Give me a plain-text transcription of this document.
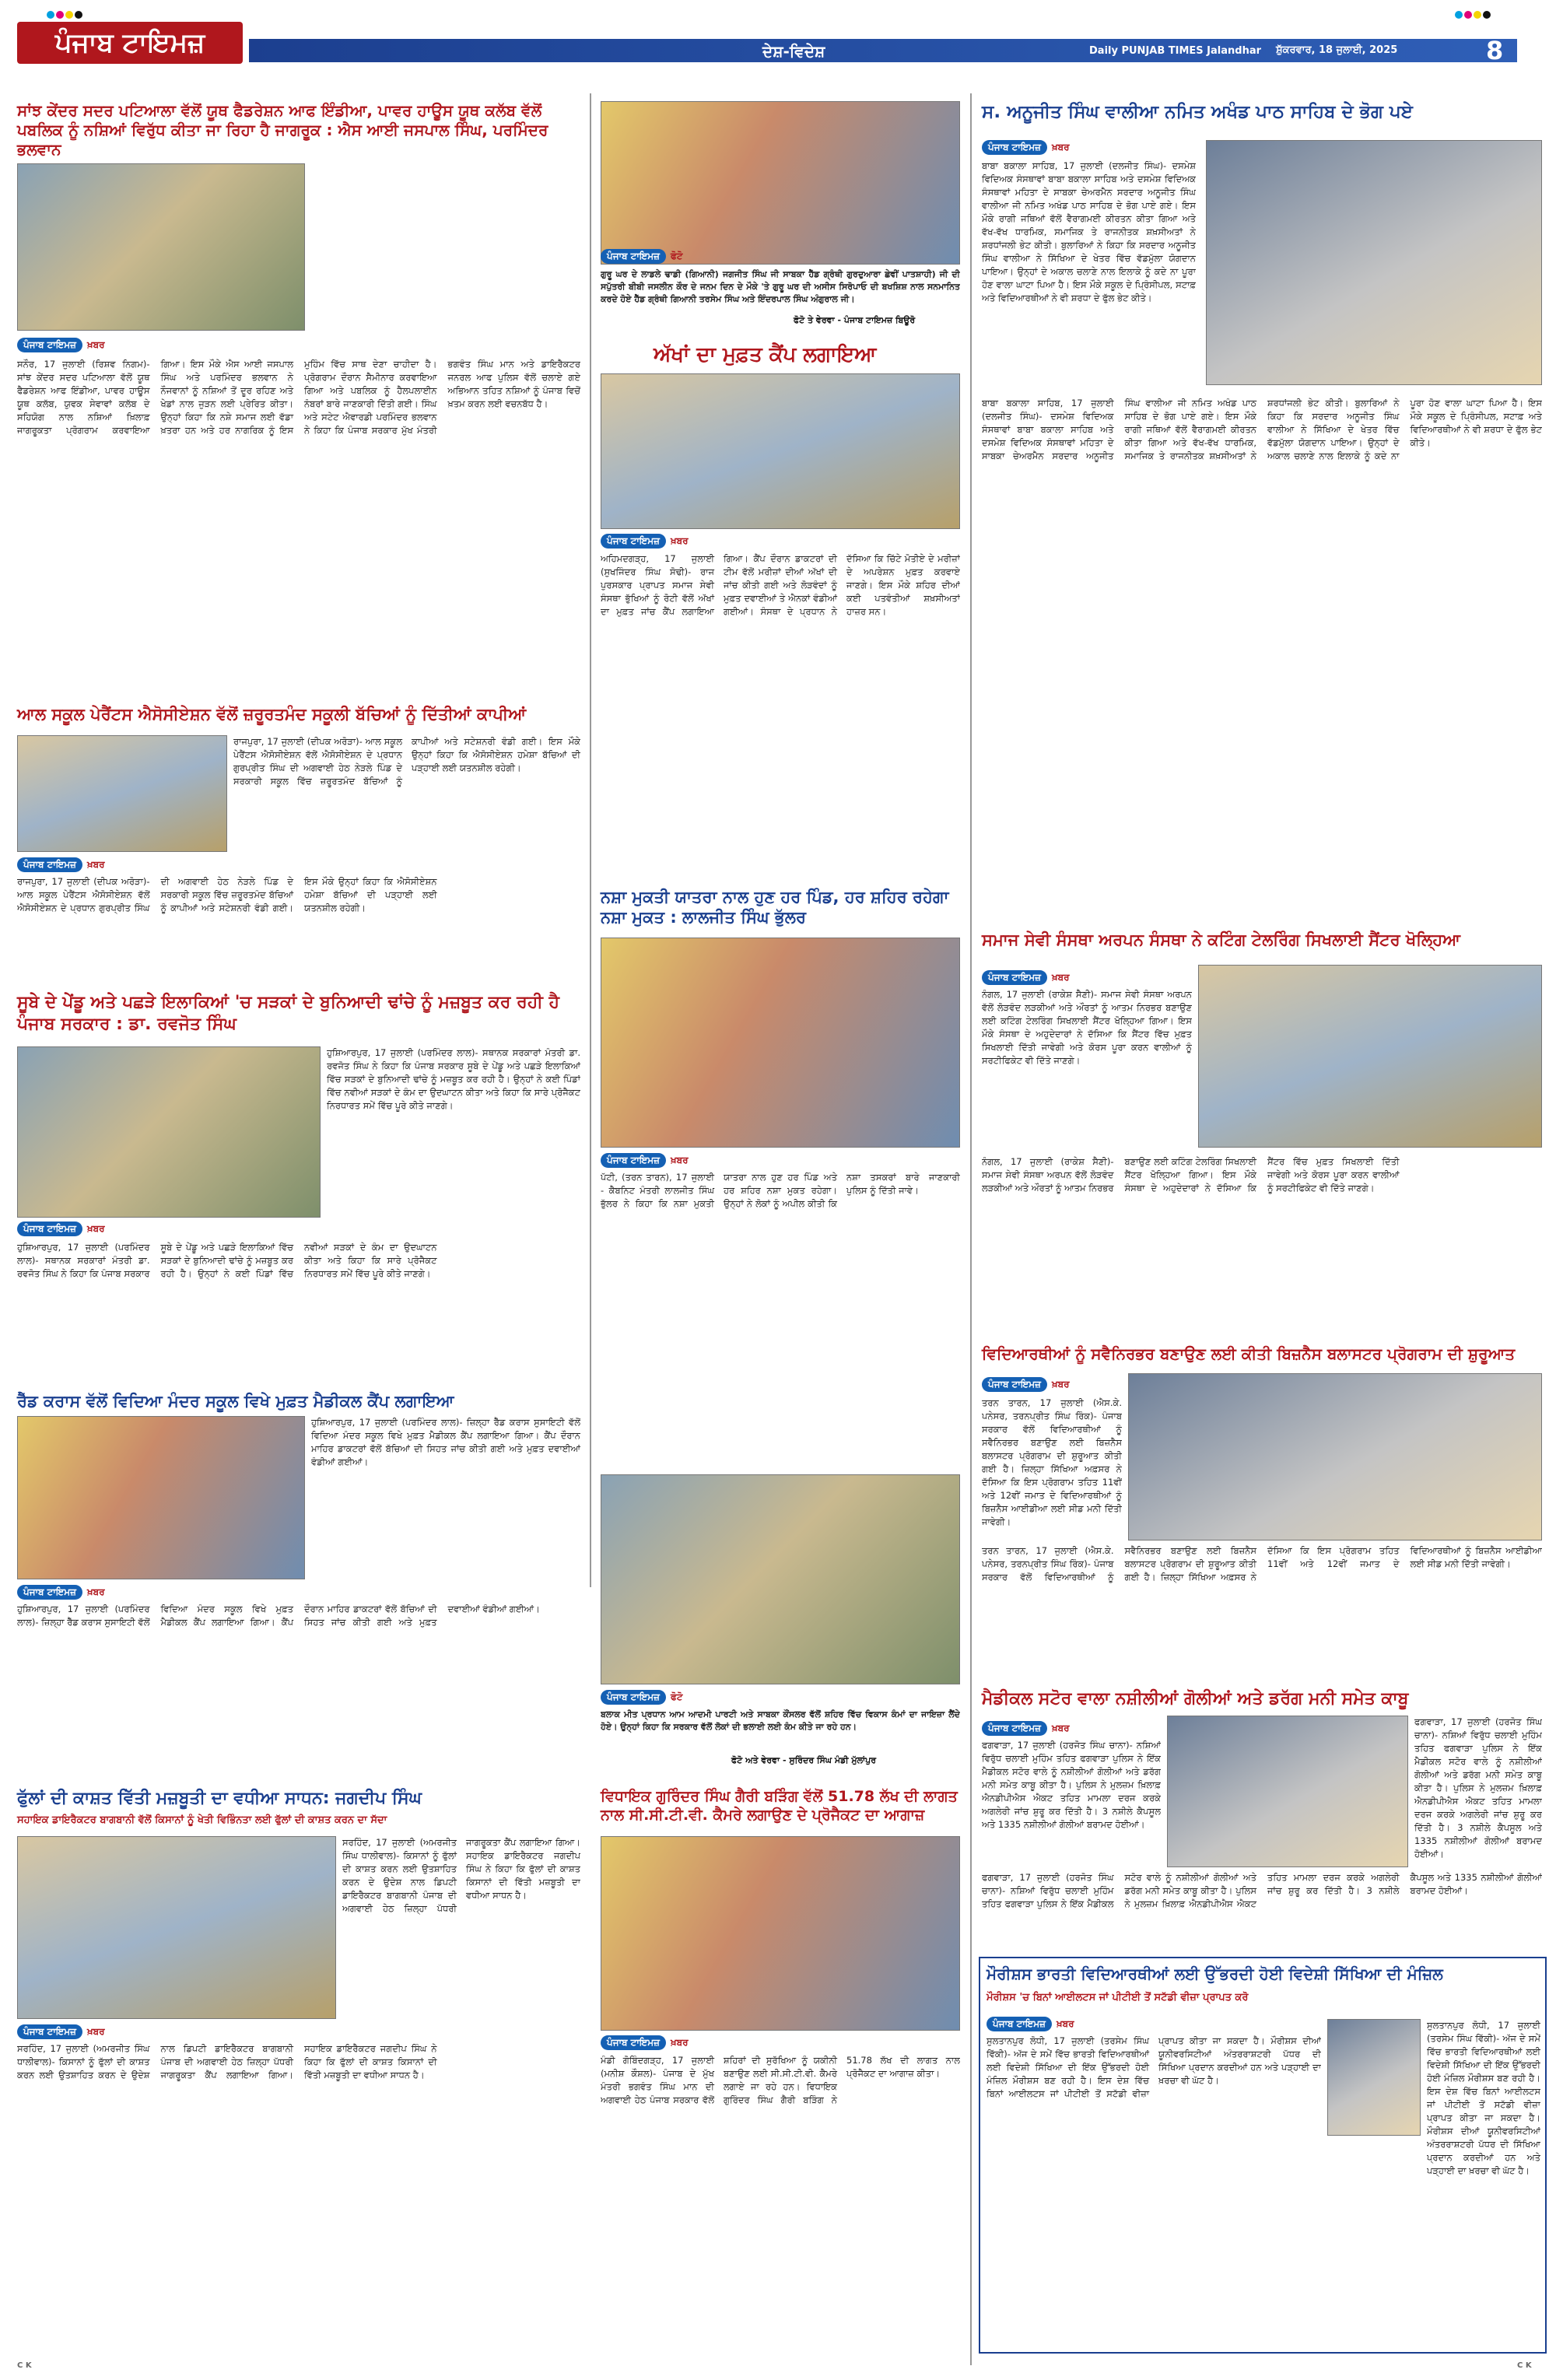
ਪੰਜਾਬ ਟਾਇਮਜ਼	ਦੇਸ਼-ਵਿਦੇਸ਼	Daily PUNJAB TIMES Jalandhar ਸ਼ੁੱਕਰਵਾਰ, 18 ਜੁਲਾਈ, 2025	8
ਸਾਂਝ ਕੇਂਦਰ ਸਦਰ ਪਟਿਆਲਾ ਵੱਲੋਂ ਯੂਥ ਫੈਡਰੇਸ਼ਨ ਆਫ ਇੰਡੀਆ, ਪਾਵਰ ਹਾਊਸ ਯੂਥ ਕਲੱਬ ਵੱਲੋਂ ਪਬਲਿਕ ਨੂੰ ਨਸ਼ਿਆਂ ਵਿਰੁੱਧ ਕੀਤਾ ਜਾ ਰਿਹਾ ਹੈ ਜਾਗਰੂਕ : ਐਸ ਆਈ ਜਸਪਾਲ ਸਿੰਘ, ਪਰਮਿੰਦਰ ਭਲਵਾਨ
ਪੰਜਾਬ ਟਾਇਮਜ਼	ਖ਼ਬਰ
ਸਨੌਰ, 17 ਜੁਲਾਈ (ਰਿਸ਼ਵ ਨਿਗਮ)- ਸਾਂਝ ਕੇਂਦਰ ਸਦਰ ਪਟਿਆਲਾ ਵੱਲੋਂ ਯੂਥ ਫੈਡਰੇਸ਼ਨ ਆਫ ਇੰਡੀਆ, ਪਾਵਰ ਹਾਊਸ ਯੂਥ ਕਲੱਬ, ਯੁਵਕ ਸੇਵਾਵਾਂ ਕਲੱਬ ਦੇ ਸਹਿਯੋਗ ਨਾਲ ਨਸ਼ਿਆਂ ਖ਼ਿਲਾਫ਼ ਜਾਗਰੂਕਤਾ ਪ੍ਰੋਗਰਾਮ ਕਰਵਾਇਆ ਗਿਆ। ਇਸ ਮੌਕੇ ਐਸ ਆਈ ਜਸਪਾਲ ਸਿੰਘ ਅਤੇ ਪਰਮਿੰਦਰ ਭਲਵਾਨ ਨੇ ਨੌਜਵਾਨਾਂ ਨੂੰ ਨਸ਼ਿਆਂ ਤੋਂ ਦੂਰ ਰਹਿਣ ਅਤੇ ਖੇਡਾਂ ਨਾਲ ਜੁੜਨ ਲਈ ਪ੍ਰੇਰਿਤ ਕੀਤਾ। ਉਨ੍ਹਾਂ ਕਿਹਾ ਕਿ ਨਸ਼ੇ ਸਮਾਜ ਲਈ ਵੱਡਾ ਖ਼ਤਰਾ ਹਨ ਅਤੇ ਹਰ ਨਾਗਰਿਕ ਨੂੰ ਇਸ ਮੁਹਿੰਮ ਵਿੱਚ ਸਾਥ ਦੇਣਾ ਚਾਹੀਦਾ ਹੈ। ਪ੍ਰੋਗਰਾਮ ਦੌਰਾਨ ਸੈਮੀਨਾਰ ਕਰਵਾਇਆ ਗਿਆ ਅਤੇ ਪਬਲਿਕ ਨੂੰ ਹੈਲਪਲਾਈਨ ਨੰਬਰਾਂ ਬਾਰੇ ਜਾਣਕਾਰੀ ਦਿੱਤੀ ਗਈ। ਸਿੰਘ ਅਤੇ ਸਟੇਟ ਐਵਾਰਡੀ ਪਰਮਿੰਦਰ ਭਲਵਾਨ ਨੇ ਕਿਹਾ ਕਿ ਪੰਜਾਬ ਸਰਕਾਰ ਮੁੱਖ ਮੰਤਰੀ ਭਗਵੰਤ ਸਿੰਘ ਮਾਨ ਅਤੇ ਡਾਇਰੈਕਟਰ ਜਨਰਲ ਆਫ ਪੁਲਿਸ ਵੱਲੋਂ ਚਲਾਏ ਗਏ ਅਭਿਆਨ ਤਹਿਤ ਨਸ਼ਿਆਂ ਨੂੰ ਪੰਜਾਬ ਵਿਚੋਂ ਖ਼ਤਮ ਕਰਨ ਲਈ ਵਚਨਬੱਧ ਹੈ।
ਪੰਜਾਬ ਟਾਇਮਜ਼	ਫੋਟੋ
ਗੁਰੂ ਘਰ ਦੇ ਲਾਡਲੇ ਢਾਡੀ (ਗਿਆਨੀ) ਜਗਜੀਤ ਸਿੰਘ ਜੀ ਸਾਬਕਾ ਹੈੱਡ ਗ੍ਰੰਥੀ ਗੁਰਦੁਆਰਾ ਛੇਵੀਂ ਪਾਤਸ਼ਾਹੀ) ਜੀ ਦੀ ਸਪੁੱਤਰੀ ਬੀਬੀ ਜਸਲੀਨ ਕੌਰ ਦੇ ਜਨਮ ਦਿਨ ਦੇ ਮੌਕੇ 'ਤੇ ਗੁਰੂ ਘਰ ਦੀ ਅਸੀਸ ਸਿਰੋਪਾਓ ਦੀ ਬਖਸ਼ਿਸ਼ ਨਾਲ ਸਨਮਾਨਿਤ ਕਰਦੇ ਹੋਏ ਹੈੱਡ ਗ੍ਰੰਥੀ ਗਿਆਨੀ ਤਰਸੇਮ ਸਿੰਘ ਅਤੇ ਇੰਦਰਪਾਲ ਸਿੰਘ ਅੰਗੁਰਾਲ ਜੀ।
ਫੋਟੋ ਤੇ ਵੇਰਵਾ - ਪੰਜਾਬ ਟਾਇਮਜ਼ ਬਿਊਰੋ
ਅੱਖਾਂ ਦਾ ਮੁਫ਼ਤ ਕੈਂਪ ਲਗਾਇਆ
ਪੰਜਾਬ ਟਾਇਮਜ਼	ਖ਼ਬਰ
ਅਹਿਮਦਗੜ੍ਹ, 17 ਜੁਲਾਈ (ਸੁਖਜਿੰਦਰ ਸਿੰਘ ਸੋਢੀ)- ਰਾਜ ਪੁਰਸਕਾਰ ਪ੍ਰਾਪਤ ਸਮਾਜ ਸੇਵੀ ਸੰਸਥਾ ਭੁੱਖਿਆਂ ਨੂੰ ਰੋਟੀ ਵੱਲੋਂ ਅੱਖਾਂ ਦਾ ਮੁਫ਼ਤ ਜਾਂਚ ਕੈਂਪ ਲਗਾਇਆ ਗਿਆ। ਕੈਂਪ ਦੌਰਾਨ ਡਾਕਟਰਾਂ ਦੀ ਟੀਮ ਵੱਲੋਂ ਮਰੀਜ਼ਾਂ ਦੀਆਂ ਅੱਖਾਂ ਦੀ ਜਾਂਚ ਕੀਤੀ ਗਈ ਅਤੇ ਲੋੜਵੰਦਾਂ ਨੂੰ ਮੁਫ਼ਤ ਦਵਾਈਆਂ ਤੇ ਐਨਕਾਂ ਵੰਡੀਆਂ ਗਈਆਂ। ਸੰਸਥਾ ਦੇ ਪ੍ਰਧਾਨ ਨੇ ਦੱਸਿਆ ਕਿ ਚਿੱਟੇ ਮੋਤੀਏ ਦੇ ਮਰੀਜ਼ਾਂ ਦੇ ਅਪਰੇਸ਼ਨ ਮੁਫ਼ਤ ਕਰਵਾਏ ਜਾਣਗੇ। ਇਸ ਮੌਕੇ ਸ਼ਹਿਰ ਦੀਆਂ ਕਈ ਪਤਵੰਤੀਆਂ ਸ਼ਖ਼ਸੀਅਤਾਂ ਹਾਜ਼ਰ ਸਨ।
ਸ. ਅਨੂਜੀਤ ਸਿੰਘ ਵਾਲੀਆ ਨਮਿਤ ਅਖੰਡ ਪਾਠ ਸਾਹਿਬ ਦੇ ਭੋਗ ਪਏ
ਪੰਜਾਬ ਟਾਇਮਜ਼	ਖ਼ਬਰ
ਬਾਬਾ ਬਕਾਲਾ ਸਾਹਿਬ, 17 ਜੁਲਾਈ (ਦਲਜੀਤ ਸਿੰਘ)- ਦਸਮੇਸ਼ ਵਿਦਿਅਕ ਸੰਸਥਾਵਾਂ ਬਾਬਾ ਬਕਾਲਾ ਸਾਹਿਬ ਅਤੇ ਦਸਮੇਸ਼ ਵਿਦਿਅਕ ਸੰਸਥਾਵਾਂ ਮਹਿਤਾ ਦੇ ਸਾਬਕਾ ਚੇਅਰਮੈਨ ਸਰਦਾਰ ਅਨੂਜੀਤ ਸਿੰਘ ਵਾਲੀਆ ਜੀ ਨਮਿਤ ਅਖੰਡ ਪਾਠ ਸਾਹਿਬ ਦੇ ਭੋਗ ਪਾਏ ਗਏ। ਇਸ ਮੌਕੇ ਰਾਗੀ ਜਥਿਆਂ ਵੱਲੋਂ ਵੈਰਾਗਮਈ ਕੀਰਤਨ ਕੀਤਾ ਗਿਆ ਅਤੇ ਵੱਖ-ਵੱਖ ਧਾਰਮਿਕ, ਸਮਾਜਿਕ ਤੇ ਰਾਜਨੀਤਕ ਸ਼ਖ਼ਸੀਅਤਾਂ ਨੇ ਸ਼ਰਧਾਂਜਲੀ ਭੇਟ ਕੀਤੀ। ਬੁਲਾਰਿਆਂ ਨੇ ਕਿਹਾ ਕਿ ਸਰਦਾਰ ਅਨੂਜੀਤ ਸਿੰਘ ਵਾਲੀਆ ਨੇ ਸਿੱਖਿਆ ਦੇ ਖੇਤਰ ਵਿੱਚ ਵੱਡਮੁੱਲਾ ਯੋਗਦਾਨ ਪਾਇਆ। ਉਨ੍ਹਾਂ ਦੇ ਅਕਾਲ ਚਲਾਣੇ ਨਾਲ ਇਲਾਕੇ ਨੂੰ ਕਦੇ ਨਾ ਪੂਰਾ ਹੋਣ ਵਾਲਾ ਘਾਟਾ ਪਿਆ ਹੈ। ਇਸ ਮੌਕੇ ਸਕੂਲ ਦੇ ਪ੍ਰਿੰਸੀਪਲ, ਸਟਾਫ਼ ਅਤੇ ਵਿਦਿਆਰਥੀਆਂ ਨੇ ਵੀ ਸ਼ਰਧਾ ਦੇ ਫੁੱਲ ਭੇਟ ਕੀਤੇ।
ਬਾਬਾ ਬਕਾਲਾ ਸਾਹਿਬ, 17 ਜੁਲਾਈ (ਦਲਜੀਤ ਸਿੰਘ)- ਦਸਮੇਸ਼ ਵਿਦਿਅਕ ਸੰਸਥਾਵਾਂ ਬਾਬਾ ਬਕਾਲਾ ਸਾਹਿਬ ਅਤੇ ਦਸਮੇਸ਼ ਵਿਦਿਅਕ ਸੰਸਥਾਵਾਂ ਮਹਿਤਾ ਦੇ ਸਾਬਕਾ ਚੇਅਰਮੈਨ ਸਰਦਾਰ ਅਨੂਜੀਤ ਸਿੰਘ ਵਾਲੀਆ ਜੀ ਨਮਿਤ ਅਖੰਡ ਪਾਠ ਸਾਹਿਬ ਦੇ ਭੋਗ ਪਾਏ ਗਏ। ਇਸ ਮੌਕੇ ਰਾਗੀ ਜਥਿਆਂ ਵੱਲੋਂ ਵੈਰਾਗਮਈ ਕੀਰਤਨ ਕੀਤਾ ਗਿਆ ਅਤੇ ਵੱਖ-ਵੱਖ ਧਾਰਮਿਕ, ਸਮਾਜਿਕ ਤੇ ਰਾਜਨੀਤਕ ਸ਼ਖ਼ਸੀਅਤਾਂ ਨੇ ਸ਼ਰਧਾਂਜਲੀ ਭੇਟ ਕੀਤੀ। ਬੁਲਾਰਿਆਂ ਨੇ ਕਿਹਾ ਕਿ ਸਰਦਾਰ ਅਨੂਜੀਤ ਸਿੰਘ ਵਾਲੀਆ ਨੇ ਸਿੱਖਿਆ ਦੇ ਖੇਤਰ ਵਿੱਚ ਵੱਡਮੁੱਲਾ ਯੋਗਦਾਨ ਪਾਇਆ। ਉਨ੍ਹਾਂ ਦੇ ਅਕਾਲ ਚਲਾਣੇ ਨਾਲ ਇਲਾਕੇ ਨੂੰ ਕਦੇ ਨਾ ਪੂਰਾ ਹੋਣ ਵਾਲਾ ਘਾਟਾ ਪਿਆ ਹੈ। ਇਸ ਮੌਕੇ ਸਕੂਲ ਦੇ ਪ੍ਰਿੰਸੀਪਲ, ਸਟਾਫ਼ ਅਤੇ ਵਿਦਿਆਰਥੀਆਂ ਨੇ ਵੀ ਸ਼ਰਧਾ ਦੇ ਫੁੱਲ ਭੇਟ ਕੀਤੇ।
ਆਲ ਸਕੂਲ ਪੇਰੈਂਟਸ ਐਸੋਸੀਏਸ਼ਨ ਵੱਲੋਂ ਜ਼ਰੂਰਤਮੰਦ ਸਕੂਲੀ ਬੱਚਿਆਂ ਨੂੰ ਦਿੱਤੀਆਂ ਕਾਪੀਆਂ
ਪੰਜਾਬ ਟਾਇਮਜ਼	ਖ਼ਬਰ
ਰਾਜਪੁਰਾ, 17 ਜੁਲਾਈ (ਦੀਪਕ ਅਰੋੜਾ)- ਆਲ ਸਕੂਲ ਪੇਰੈਂਟਸ ਐਸੋਸੀਏਸ਼ਨ ਵੱਲੋਂ ਐਸੋਸੀਏਸ਼ਨ ਦੇ ਪ੍ਰਧਾਨ ਗੁਰਪ੍ਰੀਤ ਸਿੰਘ ਦੀ ਅਗਵਾਈ ਹੇਠ ਨੇੜਲੇ ਪਿੰਡ ਦੇ ਸਰਕਾਰੀ ਸਕੂਲ ਵਿੱਚ ਜ਼ਰੂਰਤਮੰਦ ਬੱਚਿਆਂ ਨੂੰ ਕਾਪੀਆਂ ਅਤੇ ਸਟੇਸ਼ਨਰੀ ਵੰਡੀ ਗਈ। ਇਸ ਮੌਕੇ ਉਨ੍ਹਾਂ ਕਿਹਾ ਕਿ ਐਸੋਸੀਏਸ਼ਨ ਹਮੇਸ਼ਾ ਬੱਚਿਆਂ ਦੀ ਪੜ੍ਹਾਈ ਲਈ ਯਤਨਸ਼ੀਲ ਰਹੇਗੀ।
ਰਾਜਪੁਰਾ, 17 ਜੁਲਾਈ (ਦੀਪਕ ਅਰੋੜਾ)- ਆਲ ਸਕੂਲ ਪੇਰੈਂਟਸ ਐਸੋਸੀਏਸ਼ਨ ਵੱਲੋਂ ਐਸੋਸੀਏਸ਼ਨ ਦੇ ਪ੍ਰਧਾਨ ਗੁਰਪ੍ਰੀਤ ਸਿੰਘ ਦੀ ਅਗਵਾਈ ਹੇਠ ਨੇੜਲੇ ਪਿੰਡ ਦੇ ਸਰਕਾਰੀ ਸਕੂਲ ਵਿੱਚ ਜ਼ਰੂਰਤਮੰਦ ਬੱਚਿਆਂ ਨੂੰ ਕਾਪੀਆਂ ਅਤੇ ਸਟੇਸ਼ਨਰੀ ਵੰਡੀ ਗਈ। ਇਸ ਮੌਕੇ ਉਨ੍ਹਾਂ ਕਿਹਾ ਕਿ ਐਸੋਸੀਏਸ਼ਨ ਹਮੇਸ਼ਾ ਬੱਚਿਆਂ ਦੀ ਪੜ੍ਹਾਈ ਲਈ ਯਤਨਸ਼ੀਲ ਰਹੇਗੀ।
ਸੂਬੇ ਦੇ ਪੇਂਡੂ ਅਤੇ ਪਛੜੇ ਇਲਾਕਿਆਂ 'ਚ ਸੜਕਾਂ ਦੇ ਬੁਨਿਆਦੀ ਢਾਂਚੇ ਨੂੰ ਮਜ਼ਬੂਤ ਕਰ ਰਹੀ ਹੈ ਪੰਜਾਬ ਸਰਕਾਰ : ਡਾ. ਰਵਜੋਤ ਸਿੰਘ
ਪੰਜਾਬ ਟਾਇਮਜ਼	ਖ਼ਬਰ
ਹੁਸ਼ਿਆਰਪੁਰ, 17 ਜੁਲਾਈ (ਪਰਮਿੰਦਰ ਲਾਲ)- ਸਥਾਨਕ ਸਰਕਾਰਾਂ ਮੰਤਰੀ ਡਾ. ਰਵਜੋਤ ਸਿੰਘ ਨੇ ਕਿਹਾ ਕਿ ਪੰਜਾਬ ਸਰਕਾਰ ਸੂਬੇ ਦੇ ਪੇਂਡੂ ਅਤੇ ਪਛੜੇ ਇਲਾਕਿਆਂ ਵਿੱਚ ਸੜਕਾਂ ਦੇ ਬੁਨਿਆਦੀ ਢਾਂਚੇ ਨੂੰ ਮਜ਼ਬੂਤ ਕਰ ਰਹੀ ਹੈ। ਉਨ੍ਹਾਂ ਨੇ ਕਈ ਪਿੰਡਾਂ ਵਿੱਚ ਨਵੀਆਂ ਸੜਕਾਂ ਦੇ ਕੰਮ ਦਾ ਉਦਘਾਟਨ ਕੀਤਾ ਅਤੇ ਕਿਹਾ ਕਿ ਸਾਰੇ ਪ੍ਰੋਜੈਕਟ ਨਿਰਧਾਰਤ ਸਮੇਂ ਵਿੱਚ ਪੂਰੇ ਕੀਤੇ ਜਾਣਗੇ।
ਹੁਸ਼ਿਆਰਪੁਰ, 17 ਜੁਲਾਈ (ਪਰਮਿੰਦਰ ਲਾਲ)- ਸਥਾਨਕ ਸਰਕਾਰਾਂ ਮੰਤਰੀ ਡਾ. ਰਵਜੋਤ ਸਿੰਘ ਨੇ ਕਿਹਾ ਕਿ ਪੰਜਾਬ ਸਰਕਾਰ ਸੂਬੇ ਦੇ ਪੇਂਡੂ ਅਤੇ ਪਛੜੇ ਇਲਾਕਿਆਂ ਵਿੱਚ ਸੜਕਾਂ ਦੇ ਬੁਨਿਆਦੀ ਢਾਂਚੇ ਨੂੰ ਮਜ਼ਬੂਤ ਕਰ ਰਹੀ ਹੈ। ਉਨ੍ਹਾਂ ਨੇ ਕਈ ਪਿੰਡਾਂ ਵਿੱਚ ਨਵੀਆਂ ਸੜਕਾਂ ਦੇ ਕੰਮ ਦਾ ਉਦਘਾਟਨ ਕੀਤਾ ਅਤੇ ਕਿਹਾ ਕਿ ਸਾਰੇ ਪ੍ਰੋਜੈਕਟ ਨਿਰਧਾਰਤ ਸਮੇਂ ਵਿੱਚ ਪੂਰੇ ਕੀਤੇ ਜਾਣਗੇ।
ਨਸ਼ਾ ਮੁਕਤੀ ਯਾਤਰਾ ਨਾਲ ਹੁਣ ਹਰ ਪਿੰਡ, ਹਰ ਸ਼ਹਿਰ ਰਹੇਗਾ ਨਸ਼ਾ ਮੁਕਤ : ਲਾਲਜੀਤ ਸਿੰਘ ਭੁੱਲਰ
ਪੰਜਾਬ ਟਾਇਮਜ਼	ਖ਼ਬਰ
ਪੱਟੀ, (ਤਰਨ ਤਾਰਨ), 17 ਜੁਲਾਈ - ਕੈਬਨਿਟ ਮੰਤਰੀ ਲਾਲਜੀਤ ਸਿੰਘ ਭੁੱਲਰ ਨੇ ਕਿਹਾ ਕਿ ਨਸ਼ਾ ਮੁਕਤੀ ਯਾਤਰਾ ਨਾਲ ਹੁਣ ਹਰ ਪਿੰਡ ਅਤੇ ਹਰ ਸ਼ਹਿਰ ਨਸ਼ਾ ਮੁਕਤ ਰਹੇਗਾ। ਉਨ੍ਹਾਂ ਨੇ ਲੋਕਾਂ ਨੂੰ ਅਪੀਲ ਕੀਤੀ ਕਿ ਨਸ਼ਾ ਤਸਕਰਾਂ ਬਾਰੇ ਜਾਣਕਾਰੀ ਪੁਲਿਸ ਨੂੰ ਦਿੱਤੀ ਜਾਵੇ।
ਸਮਾਜ ਸੇਵੀ ਸੰਸਥਾ ਅਰਪਨ ਸੰਸਥਾ ਨੇ ਕਟਿੰਗ ਟੇਲਰਿੰਗ ਸਿਖਲਾਈ ਸੈਂਟਰ ਖੋਲ੍ਹਿਆ
ਪੰਜਾਬ ਟਾਇਮਜ਼	ਖ਼ਬਰ
ਨੰਗਲ, 17 ਜੁਲਾਈ (ਰਾਕੇਸ਼ ਸੈਣੀ)- ਸਮਾਜ ਸੇਵੀ ਸੰਸਥਾ ਅਰਪਨ ਵੱਲੋਂ ਲੋੜਵੰਦ ਲੜਕੀਆਂ ਅਤੇ ਔਰਤਾਂ ਨੂੰ ਆਤਮ ਨਿਰਭਰ ਬਣਾਉਣ ਲਈ ਕਟਿੰਗ ਟੇਲਰਿੰਗ ਸਿਖਲਾਈ ਸੈਂਟਰ ਖੋਲ੍ਹਿਆ ਗਿਆ। ਇਸ ਮੌਕੇ ਸੰਸਥਾ ਦੇ ਅਹੁਦੇਦਾਰਾਂ ਨੇ ਦੱਸਿਆ ਕਿ ਸੈਂਟਰ ਵਿੱਚ ਮੁਫ਼ਤ ਸਿਖਲਾਈ ਦਿੱਤੀ ਜਾਵੇਗੀ ਅਤੇ ਕੋਰਸ ਪੂਰਾ ਕਰਨ ਵਾਲੀਆਂ ਨੂੰ ਸਰਟੀਫਿਕੇਟ ਵੀ ਦਿੱਤੇ ਜਾਣਗੇ।
ਨੰਗਲ, 17 ਜੁਲਾਈ (ਰਾਕੇਸ਼ ਸੈਣੀ)- ਸਮਾਜ ਸੇਵੀ ਸੰਸਥਾ ਅਰਪਨ ਵੱਲੋਂ ਲੋੜਵੰਦ ਲੜਕੀਆਂ ਅਤੇ ਔਰਤਾਂ ਨੂੰ ਆਤਮ ਨਿਰਭਰ ਬਣਾਉਣ ਲਈ ਕਟਿੰਗ ਟੇਲਰਿੰਗ ਸਿਖਲਾਈ ਸੈਂਟਰ ਖੋਲ੍ਹਿਆ ਗਿਆ। ਇਸ ਮੌਕੇ ਸੰਸਥਾ ਦੇ ਅਹੁਦੇਦਾਰਾਂ ਨੇ ਦੱਸਿਆ ਕਿ ਸੈਂਟਰ ਵਿੱਚ ਮੁਫ਼ਤ ਸਿਖਲਾਈ ਦਿੱਤੀ ਜਾਵੇਗੀ ਅਤੇ ਕੋਰਸ ਪੂਰਾ ਕਰਨ ਵਾਲੀਆਂ ਨੂੰ ਸਰਟੀਫਿਕੇਟ ਵੀ ਦਿੱਤੇ ਜਾਣਗੇ।
ਵਿਦਿਆਰਥੀਆਂ ਨੂੰ ਸਵੈਨਿਰਭਰ ਬਣਾਉਣ ਲਈ ਕੀਤੀ ਬਿਜ਼ਨੈਸ ਬਲਾਸਟਰ ਪ੍ਰੋਗਰਾਮ ਦੀ ਸ਼ੁਰੂਆਤ
ਪੰਜਾਬ ਟਾਇਮਜ਼	ਖ਼ਬਰ
ਤਰਨ ਤਾਰਨ, 17 ਜੁਲਾਈ (ਐਸ.ਕੇ. ਪਨੇਸਰ, ਤਰਨਪ੍ਰੀਤ ਸਿੰਘ ਰਿੰਕ)- ਪੰਜਾਬ ਸਰਕਾਰ ਵੱਲੋਂ ਵਿਦਿਆਰਥੀਆਂ ਨੂੰ ਸਵੈਨਿਰਭਰ ਬਣਾਉਣ ਲਈ ਬਿਜ਼ਨੈਸ ਬਲਾਸਟਰ ਪ੍ਰੋਗਰਾਮ ਦੀ ਸ਼ੁਰੂਆਤ ਕੀਤੀ ਗਈ ਹੈ। ਜ਼ਿਲ੍ਹਾ ਸਿੱਖਿਆ ਅਫ਼ਸਰ ਨੇ ਦੱਸਿਆ ਕਿ ਇਸ ਪ੍ਰੋਗਰਾਮ ਤਹਿਤ 11ਵੀਂ ਅਤੇ 12ਵੀਂ ਜਮਾਤ ਦੇ ਵਿਦਿਆਰਥੀਆਂ ਨੂੰ ਬਿਜ਼ਨੈਸ ਆਈਡੀਆ ਲਈ ਸੀਡ ਮਨੀ ਦਿੱਤੀ ਜਾਵੇਗੀ।
ਤਰਨ ਤਾਰਨ, 17 ਜੁਲਾਈ (ਐਸ.ਕੇ. ਪਨੇਸਰ, ਤਰਨਪ੍ਰੀਤ ਸਿੰਘ ਰਿੰਕ)- ਪੰਜਾਬ ਸਰਕਾਰ ਵੱਲੋਂ ਵਿਦਿਆਰਥੀਆਂ ਨੂੰ ਸਵੈਨਿਰਭਰ ਬਣਾਉਣ ਲਈ ਬਿਜ਼ਨੈਸ ਬਲਾਸਟਰ ਪ੍ਰੋਗਰਾਮ ਦੀ ਸ਼ੁਰੂਆਤ ਕੀਤੀ ਗਈ ਹੈ। ਜ਼ਿਲ੍ਹਾ ਸਿੱਖਿਆ ਅਫ਼ਸਰ ਨੇ ਦੱਸਿਆ ਕਿ ਇਸ ਪ੍ਰੋਗਰਾਮ ਤਹਿਤ 11ਵੀਂ ਅਤੇ 12ਵੀਂ ਜਮਾਤ ਦੇ ਵਿਦਿਆਰਥੀਆਂ ਨੂੰ ਬਿਜ਼ਨੈਸ ਆਈਡੀਆ ਲਈ ਸੀਡ ਮਨੀ ਦਿੱਤੀ ਜਾਵੇਗੀ।
ਰੈੱਡ ਕਰਾਸ ਵੱਲੋਂ ਵਿਦਿਆ ਮੰਦਰ ਸਕੂਲ ਵਿਖੇ ਮੁਫ਼ਤ ਮੈਡੀਕਲ ਕੈਂਪ ਲਗਾਇਆ
ਪੰਜਾਬ ਟਾਇਮਜ਼	ਖ਼ਬਰ
ਹੁਸ਼ਿਆਰਪੁਰ, 17 ਜੁਲਾਈ (ਪਰਮਿੰਦਰ ਲਾਲ)- ਜ਼ਿਲ੍ਹਾ ਰੈੱਡ ਕਰਾਸ ਸੁਸਾਇਟੀ ਵੱਲੋਂ ਵਿਦਿਆ ਮੰਦਰ ਸਕੂਲ ਵਿਖੇ ਮੁਫ਼ਤ ਮੈਡੀਕਲ ਕੈਂਪ ਲਗਾਇਆ ਗਿਆ। ਕੈਂਪ ਦੌਰਾਨ ਮਾਹਿਰ ਡਾਕਟਰਾਂ ਵੱਲੋਂ ਬੱਚਿਆਂ ਦੀ ਸਿਹਤ ਜਾਂਚ ਕੀਤੀ ਗਈ ਅਤੇ ਮੁਫ਼ਤ ਦਵਾਈਆਂ ਵੰਡੀਆਂ ਗਈਆਂ।
ਹੁਸ਼ਿਆਰਪੁਰ, 17 ਜੁਲਾਈ (ਪਰਮਿੰਦਰ ਲਾਲ)- ਜ਼ਿਲ੍ਹਾ ਰੈੱਡ ਕਰਾਸ ਸੁਸਾਇਟੀ ਵੱਲੋਂ ਵਿਦਿਆ ਮੰਦਰ ਸਕੂਲ ਵਿਖੇ ਮੁਫ਼ਤ ਮੈਡੀਕਲ ਕੈਂਪ ਲਗਾਇਆ ਗਿਆ। ਕੈਂਪ ਦੌਰਾਨ ਮਾਹਿਰ ਡਾਕਟਰਾਂ ਵੱਲੋਂ ਬੱਚਿਆਂ ਦੀ ਸਿਹਤ ਜਾਂਚ ਕੀਤੀ ਗਈ ਅਤੇ ਮੁਫ਼ਤ ਦਵਾਈਆਂ ਵੰਡੀਆਂ ਗਈਆਂ।
ਪੰਜਾਬ ਟਾਇਮਜ਼	ਫੋਟੋ
ਬਲਾਕ ਮੀਤ ਪ੍ਰਧਾਨ ਆਮ ਆਦਮੀ ਪਾਰਟੀ ਅਤੇ ਸਾਬਕਾ ਕੌਂਸਲਰ ਵੱਲੋਂ ਸ਼ਹਿਰ ਵਿੱਚ ਵਿਕਾਸ ਕੰਮਾਂ ਦਾ ਜਾਇਜ਼ਾ ਲੈਂਦੇ ਹੋਏ। ਉਨ੍ਹਾਂ ਕਿਹਾ ਕਿ ਸਰਕਾਰ ਵੱਲੋਂ ਲੋਕਾਂ ਦੀ ਭਲਾਈ ਲਈ ਕੰਮ ਕੀਤੇ ਜਾ ਰਹੇ ਹਨ।
ਫੋਟੋ ਅਤੇ ਵੇਰਵਾ - ਸੁਰਿੰਦਰ ਸਿੰਘ ਮੰਡੀ ਮੁੱਲਾਂਪੁਰ
ਮੈਡੀਕਲ ਸਟੋਰ ਵਾਲਾ ਨਸ਼ੀਲੀਆਂ ਗੋਲੀਆਂ ਅਤੇ ਡਰੱਗ ਮਨੀ ਸਮੇਤ ਕਾਬੂ
ਪੰਜਾਬ ਟਾਇਮਜ਼	ਖ਼ਬਰ
ਫਗਵਾੜਾ, 17 ਜੁਲਾਈ (ਹਰਜੋਤ ਸਿੰਘ ਚਾਨਾ)- ਨਸ਼ਿਆਂ ਵਿਰੁੱਧ ਚਲਾਈ ਮੁਹਿੰਮ ਤਹਿਤ ਫਗਵਾੜਾ ਪੁਲਿਸ ਨੇ ਇੱਕ ਮੈਡੀਕਲ ਸਟੋਰ ਵਾਲੇ ਨੂੰ ਨਸ਼ੀਲੀਆਂ ਗੋਲੀਆਂ ਅਤੇ ਡਰੱਗ ਮਨੀ ਸਮੇਤ ਕਾਬੂ ਕੀਤਾ ਹੈ। ਪੁਲਿਸ ਨੇ ਮੁਲਜ਼ਮ ਖ਼ਿਲਾਫ਼ ਐਨਡੀਪੀਐਸ ਐਕਟ ਤਹਿਤ ਮਾਮਲਾ ਦਰਜ ਕਰਕੇ ਅਗਲੇਰੀ ਜਾਂਚ ਸ਼ੁਰੂ ਕਰ ਦਿੱਤੀ ਹੈ। 3 ਨਸ਼ੀਲੇ ਕੈਪਸੂਲ ਅਤੇ 1335 ਨਸ਼ੀਲੀਆਂ ਗੋਲੀਆਂ ਬਰਾਮਦ ਹੋਈਆਂ।
ਫਗਵਾੜਾ, 17 ਜੁਲਾਈ (ਹਰਜੋਤ ਸਿੰਘ ਚਾਨਾ)- ਨਸ਼ਿਆਂ ਵਿਰੁੱਧ ਚਲਾਈ ਮੁਹਿੰਮ ਤਹਿਤ ਫਗਵਾੜਾ ਪੁਲਿਸ ਨੇ ਇੱਕ ਮੈਡੀਕਲ ਸਟੋਰ ਵਾਲੇ ਨੂੰ ਨਸ਼ੀਲੀਆਂ ਗੋਲੀਆਂ ਅਤੇ ਡਰੱਗ ਮਨੀ ਸਮੇਤ ਕਾਬੂ ਕੀਤਾ ਹੈ। ਪੁਲਿਸ ਨੇ ਮੁਲਜ਼ਮ ਖ਼ਿਲਾਫ਼ ਐਨਡੀਪੀਐਸ ਐਕਟ ਤਹਿਤ ਮਾਮਲਾ ਦਰਜ ਕਰਕੇ ਅਗਲੇਰੀ ਜਾਂਚ ਸ਼ੁਰੂ ਕਰ ਦਿੱਤੀ ਹੈ। 3 ਨਸ਼ੀਲੇ ਕੈਪਸੂਲ ਅਤੇ 1335 ਨਸ਼ੀਲੀਆਂ ਗੋਲੀਆਂ ਬਰਾਮਦ ਹੋਈਆਂ।
ਫਗਵਾੜਾ, 17 ਜੁਲਾਈ (ਹਰਜੋਤ ਸਿੰਘ ਚਾਨਾ)- ਨਸ਼ਿਆਂ ਵਿਰੁੱਧ ਚਲਾਈ ਮੁਹਿੰਮ ਤਹਿਤ ਫਗਵਾੜਾ ਪੁਲਿਸ ਨੇ ਇੱਕ ਮੈਡੀਕਲ ਸਟੋਰ ਵਾਲੇ ਨੂੰ ਨਸ਼ੀਲੀਆਂ ਗੋਲੀਆਂ ਅਤੇ ਡਰੱਗ ਮਨੀ ਸਮੇਤ ਕਾਬੂ ਕੀਤਾ ਹੈ। ਪੁਲਿਸ ਨੇ ਮੁਲਜ਼ਮ ਖ਼ਿਲਾਫ਼ ਐਨਡੀਪੀਐਸ ਐਕਟ ਤਹਿਤ ਮਾਮਲਾ ਦਰਜ ਕਰਕੇ ਅਗਲੇਰੀ ਜਾਂਚ ਸ਼ੁਰੂ ਕਰ ਦਿੱਤੀ ਹੈ। 3 ਨਸ਼ੀਲੇ ਕੈਪਸੂਲ ਅਤੇ 1335 ਨਸ਼ੀਲੀਆਂ ਗੋਲੀਆਂ ਬਰਾਮਦ ਹੋਈਆਂ।
ਫੁੱਲਾਂ ਦੀ ਕਾਸ਼ਤ ਵਿੱਤੀ ਮਜ਼ਬੂਤੀ ਦਾ ਵਧੀਆ ਸਾਧਨ: ਜਗਦੀਪ ਸਿੰਘ
ਸਹਾਇਕ ਡਾਇਰੈਕਟਰ ਬਾਗਬਾਨੀ ਵੱਲੋਂ ਕਿਸਾਨਾਂ ਨੂੰ ਖੇਤੀ ਵਿਭਿੰਨਤਾ ਲਈ ਫੁੱਲਾਂ ਦੀ ਕਾਸ਼ਤ ਕਰਨ ਦਾ ਸੱਦਾ
ਪੰਜਾਬ ਟਾਇਮਜ਼	ਖ਼ਬਰ
ਸਰਹਿੰਦ, 17 ਜੁਲਾਈ (ਅਮਰਜੀਤ ਸਿੰਘ ਧਾਲੀਵਾਲ)- ਕਿਸਾਨਾਂ ਨੂੰ ਫੁੱਲਾਂ ਦੀ ਕਾਸ਼ਤ ਕਰਨ ਲਈ ਉਤਸ਼ਾਹਿਤ ਕਰਨ ਦੇ ਉਦੇਸ਼ ਨਾਲ ਡਿਪਟੀ ਡਾਇਰੈਕਟਰ ਬਾਗਬਾਨੀ ਪੰਜਾਬ ਦੀ ਅਗਵਾਈ ਹੇਠ ਜ਼ਿਲ੍ਹਾ ਪੱਧਰੀ ਜਾਗਰੂਕਤਾ ਕੈਂਪ ਲਗਾਇਆ ਗਿਆ। ਸਹਾਇਕ ਡਾਇਰੈਕਟਰ ਜਗਦੀਪ ਸਿੰਘ ਨੇ ਕਿਹਾ ਕਿ ਫੁੱਲਾਂ ਦੀ ਕਾਸ਼ਤ ਕਿਸਾਨਾਂ ਦੀ ਵਿੱਤੀ ਮਜ਼ਬੂਤੀ ਦਾ ਵਧੀਆ ਸਾਧਨ ਹੈ।
ਸਰਹਿੰਦ, 17 ਜੁਲਾਈ (ਅਮਰਜੀਤ ਸਿੰਘ ਧਾਲੀਵਾਲ)- ਕਿਸਾਨਾਂ ਨੂੰ ਫੁੱਲਾਂ ਦੀ ਕਾਸ਼ਤ ਕਰਨ ਲਈ ਉਤਸ਼ਾਹਿਤ ਕਰਨ ਦੇ ਉਦੇਸ਼ ਨਾਲ ਡਿਪਟੀ ਡਾਇਰੈਕਟਰ ਬਾਗਬਾਨੀ ਪੰਜਾਬ ਦੀ ਅਗਵਾਈ ਹੇਠ ਜ਼ਿਲ੍ਹਾ ਪੱਧਰੀ ਜਾਗਰੂਕਤਾ ਕੈਂਪ ਲਗਾਇਆ ਗਿਆ। ਸਹਾਇਕ ਡਾਇਰੈਕਟਰ ਜਗਦੀਪ ਸਿੰਘ ਨੇ ਕਿਹਾ ਕਿ ਫੁੱਲਾਂ ਦੀ ਕਾਸ਼ਤ ਕਿਸਾਨਾਂ ਦੀ ਵਿੱਤੀ ਮਜ਼ਬੂਤੀ ਦਾ ਵਧੀਆ ਸਾਧਨ ਹੈ।
ਵਿਧਾਇਕ ਗੁਰਿੰਦਰ ਸਿੰਘ ਗੈਰੀ ਬੜਿੰਗ ਵੱਲੋਂ 51.78 ਲੱਖ ਦੀ ਲਾਗਤ ਨਾਲ ਸੀ.ਸੀ.ਟੀ.ਵੀ. ਕੈਮਰੇ ਲਗਾਉਣ ਦੇ ਪ੍ਰੋਜੈਕਟ ਦਾ ਆਗਾਜ਼
ਪੰਜਾਬ ਟਾਇਮਜ਼	ਖ਼ਬਰ
ਮੰਡੀ ਗੋਬਿੰਦਗੜ੍ਹ, 17 ਜੁਲਾਈ (ਮਨੀਸ਼ ਕੌਸ਼ਲ)- ਪੰਜਾਬ ਦੇ ਮੁੱਖ ਮੰਤਰੀ ਭਗਵੰਤ ਸਿੰਘ ਮਾਨ ਦੀ ਅਗਵਾਈ ਹੇਠ ਪੰਜਾਬ ਸਰਕਾਰ ਵੱਲੋਂ ਸ਼ਹਿਰਾਂ ਦੀ ਸੁਰੱਖਿਆ ਨੂੰ ਯਕੀਨੀ ਬਣਾਉਣ ਲਈ ਸੀ.ਸੀ.ਟੀ.ਵੀ. ਕੈਮਰੇ ਲਗਾਏ ਜਾ ਰਹੇ ਹਨ। ਵਿਧਾਇਕ ਗੁਰਿੰਦਰ ਸਿੰਘ ਗੈਰੀ ਬੜਿੰਗ ਨੇ 51.78 ਲੱਖ ਦੀ ਲਾਗਤ ਨਾਲ ਪ੍ਰੋਜੈਕਟ ਦਾ ਆਗਾਜ਼ ਕੀਤਾ।
ਮੌਰੀਸ਼ਸ ਭਾਰਤੀ ਵਿਦਿਆਰਥੀਆਂ ਲਈ ਉੱਭਰਦੀ ਹੋਈ ਵਿਦੇਸ਼ੀ ਸਿੱਖਿਆ ਦੀ ਮੰਜ਼ਿਲ
ਮੌਰੀਸ਼ਸ 'ਚ ਬਿਨਾਂ ਆਈਲਟਸ ਜਾਂ ਪੀਟੀਈ ਤੋਂ ਸਟੱਡੀ ਵੀਜ਼ਾ ਪ੍ਰਾਪਤ ਕਰੋ
ਪੰਜਾਬ ਟਾਇਮਜ਼	ਖ਼ਬਰ
ਸੁਲਤਾਨਪੁਰ ਲੋਧੀ, 17 ਜੁਲਾਈ (ਤਰਸੇਮ ਸਿੰਘ ਵਿੱਕੀ)- ਅੱਜ ਦੇ ਸਮੇਂ ਵਿੱਚ ਭਾਰਤੀ ਵਿਦਿਆਰਥੀਆਂ ਲਈ ਵਿਦੇਸ਼ੀ ਸਿੱਖਿਆ ਦੀ ਇੱਕ ਉੱਭਰਦੀ ਹੋਈ ਮੰਜ਼ਿਲ ਮੌਰੀਸ਼ਸ ਬਣ ਰਹੀ ਹੈ। ਇਸ ਦੇਸ਼ ਵਿੱਚ ਬਿਨਾਂ ਆਈਲਟਸ ਜਾਂ ਪੀਟੀਈ ਤੋਂ ਸਟੱਡੀ ਵੀਜ਼ਾ ਪ੍ਰਾਪਤ ਕੀਤਾ ਜਾ ਸਕਦਾ ਹੈ। ਮੌਰੀਸ਼ਸ ਦੀਆਂ ਯੂਨੀਵਰਸਿਟੀਆਂ ਅੰਤਰਰਾਸ਼ਟਰੀ ਪੱਧਰ ਦੀ ਸਿੱਖਿਆ ਪ੍ਰਦਾਨ ਕਰਦੀਆਂ ਹਨ ਅਤੇ ਪੜ੍ਹਾਈ ਦਾ ਖ਼ਰਚਾ ਵੀ ਘੱਟ ਹੈ।
ਸੁਲਤਾਨਪੁਰ ਲੋਧੀ, 17 ਜੁਲਾਈ (ਤਰਸੇਮ ਸਿੰਘ ਵਿੱਕੀ)- ਅੱਜ ਦੇ ਸਮੇਂ ਵਿੱਚ ਭਾਰਤੀ ਵਿਦਿਆਰਥੀਆਂ ਲਈ ਵਿਦੇਸ਼ੀ ਸਿੱਖਿਆ ਦੀ ਇੱਕ ਉੱਭਰਦੀ ਹੋਈ ਮੰਜ਼ਿਲ ਮੌਰੀਸ਼ਸ ਬਣ ਰਹੀ ਹੈ। ਇਸ ਦੇਸ਼ ਵਿੱਚ ਬਿਨਾਂ ਆਈਲਟਸ ਜਾਂ ਪੀਟੀਈ ਤੋਂ ਸਟੱਡੀ ਵੀਜ਼ਾ ਪ੍ਰਾਪਤ ਕੀਤਾ ਜਾ ਸਕਦਾ ਹੈ। ਮੌਰੀਸ਼ਸ ਦੀਆਂ ਯੂਨੀਵਰਸਿਟੀਆਂ ਅੰਤਰਰਾਸ਼ਟਰੀ ਪੱਧਰ ਦੀ ਸਿੱਖਿਆ ਪ੍ਰਦਾਨ ਕਰਦੀਆਂ ਹਨ ਅਤੇ ਪੜ੍ਹਾਈ ਦਾ ਖ਼ਰਚਾ ਵੀ ਘੱਟ ਹੈ।
C K	C K
